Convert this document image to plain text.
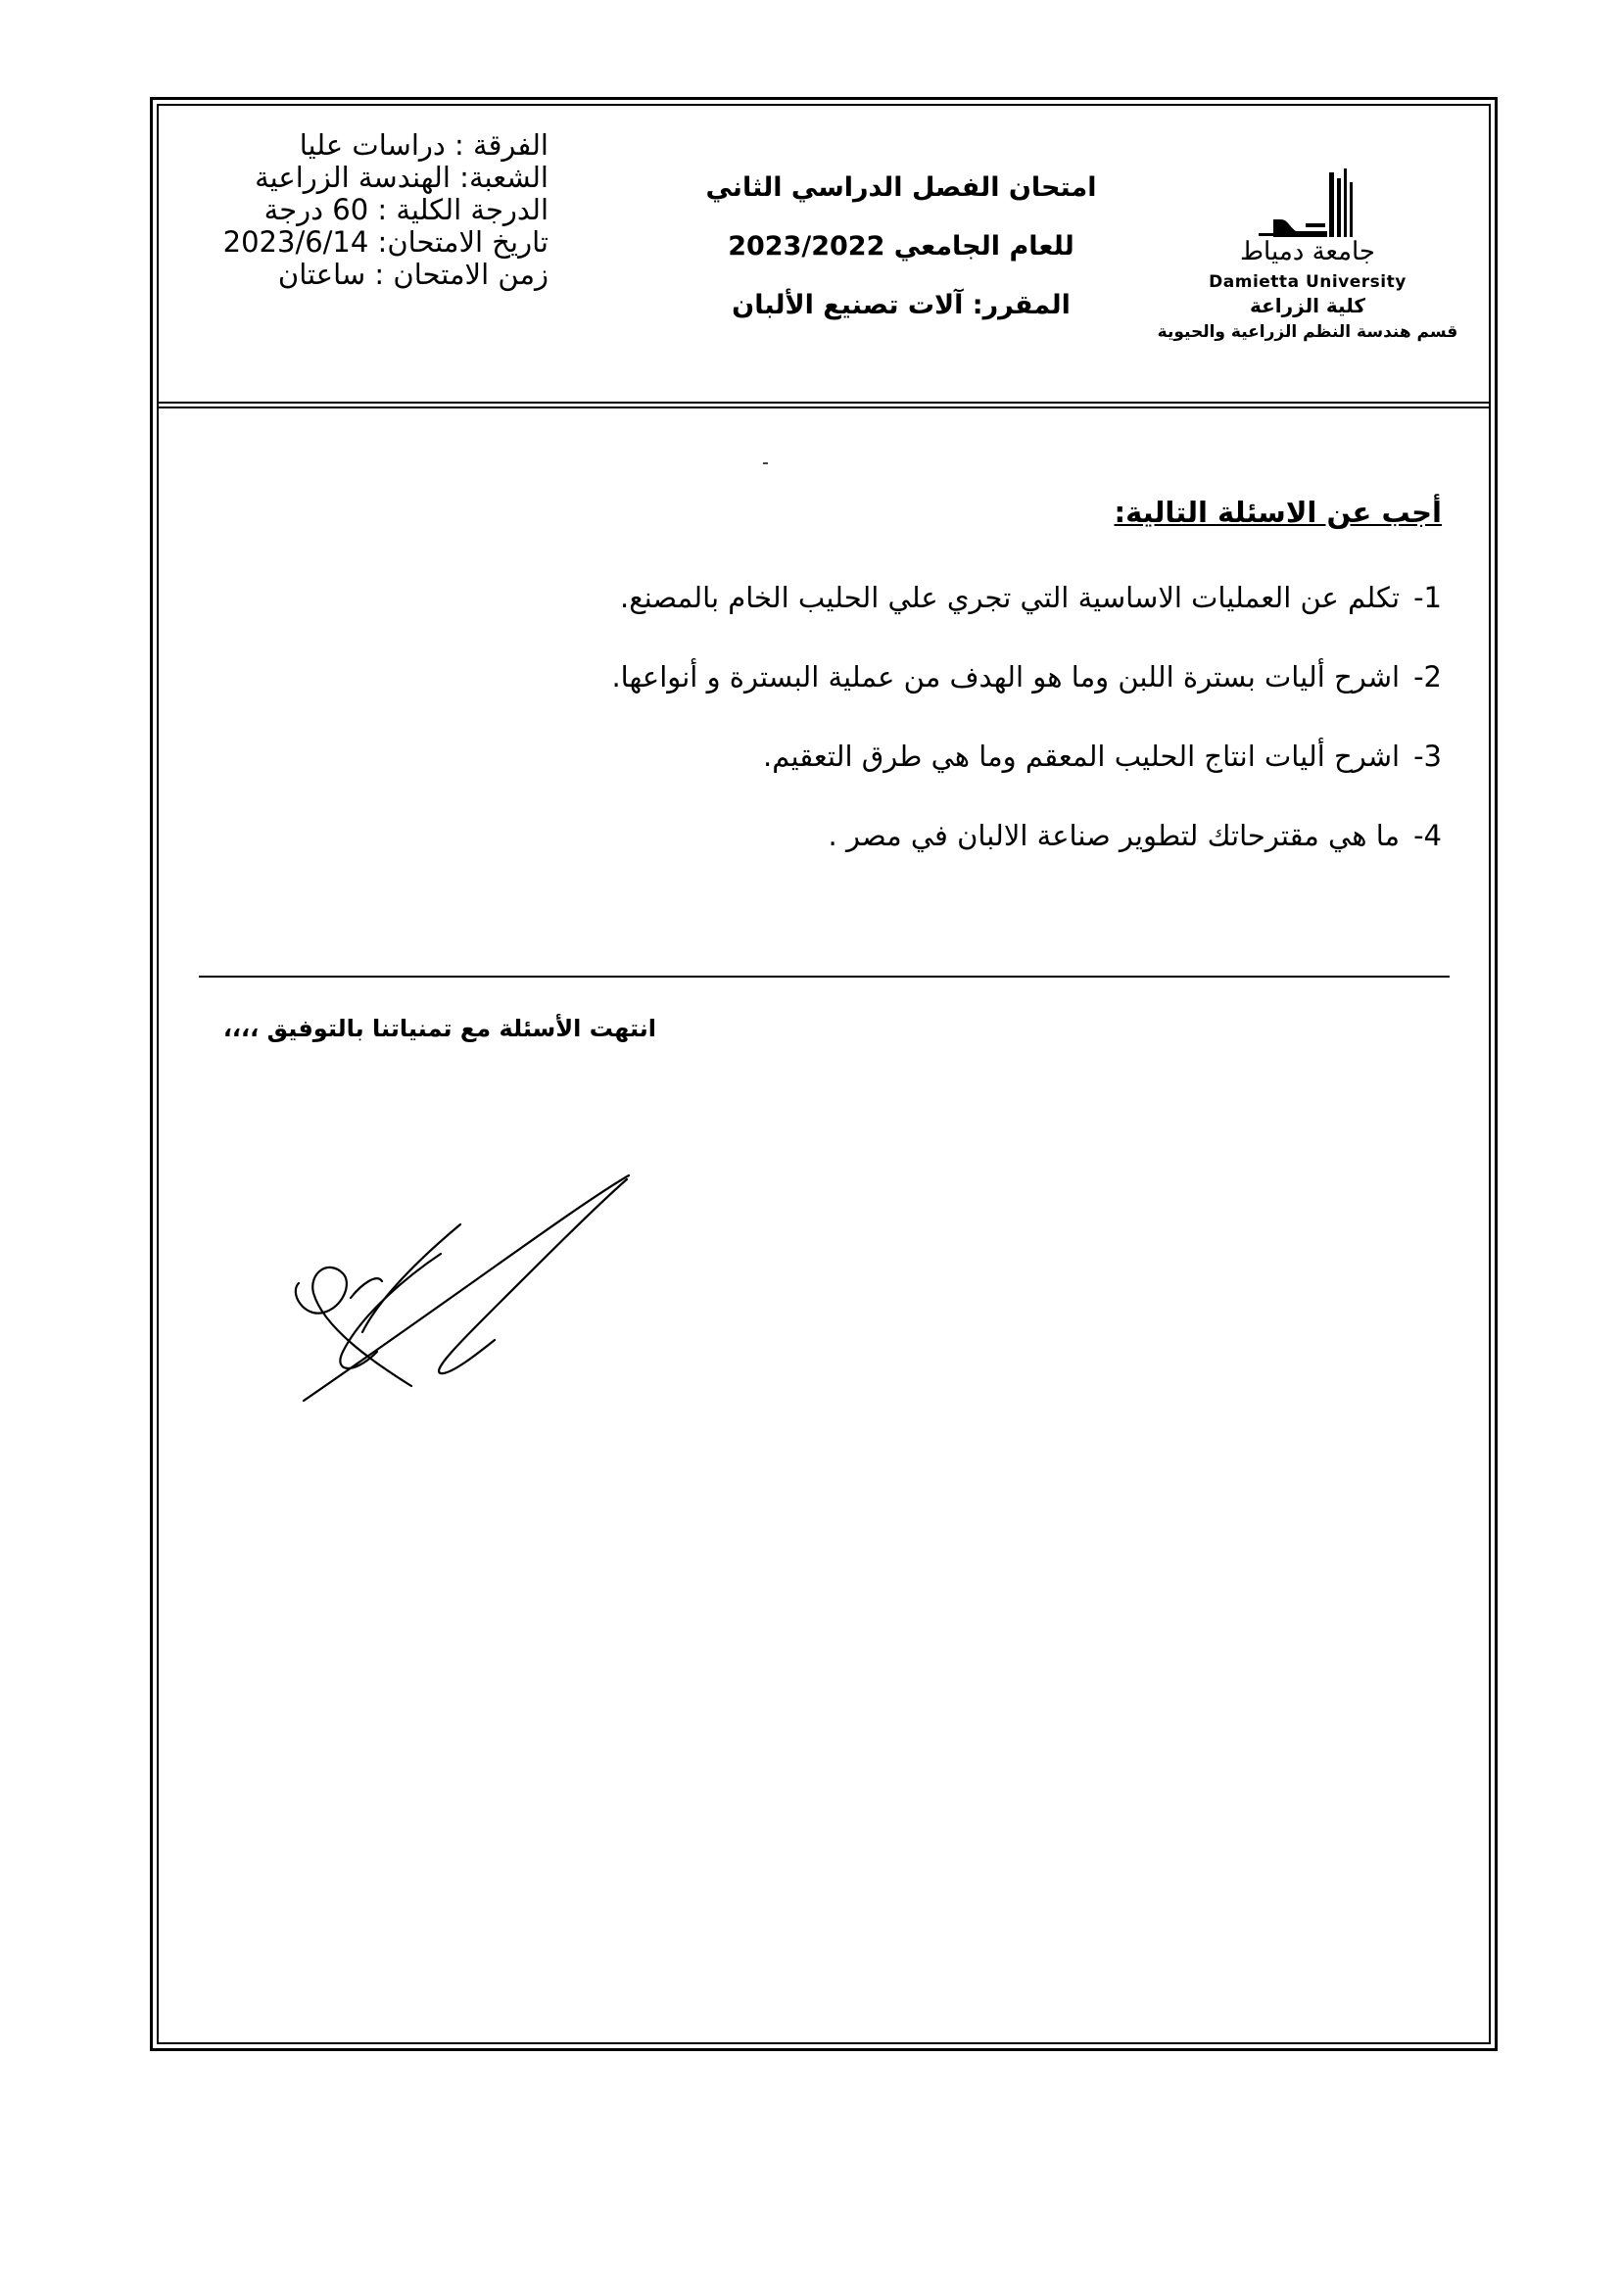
الفرقة : دراسات عليا
الشعبة: الهندسة الزراعية
الدرجة الكلية : 60 درجة
تاريخ الامتحان: 2023/6/14
زمن الامتحان : ساعتان
امتحان الفصل الدراسي الثاني
للعام الجامعي 2023/2022
المقرر: آلات تصنيع الألبان
جامعة دمياط
Damietta University
كلية الزراعة
قسم هندسة النظم الزراعية والحيوية
أجب عن الاسئلة التالية:
1-تكلم عن العمليات الاساسية التي تجري علي الحليب الخام بالمصنع.
2-اشرح أليات بسترة اللبن وما هو الهدف من عملية البسترة و أنواعها.
3-اشرح أليات انتاج الحليب المعقم وما هي طرق التعقيم.
4-ما هي مقترحاتك لتطوير صناعة الالبان في مصر .
انتهت الأسئلة مع تمنياتنا بالتوفيق ،،،،
